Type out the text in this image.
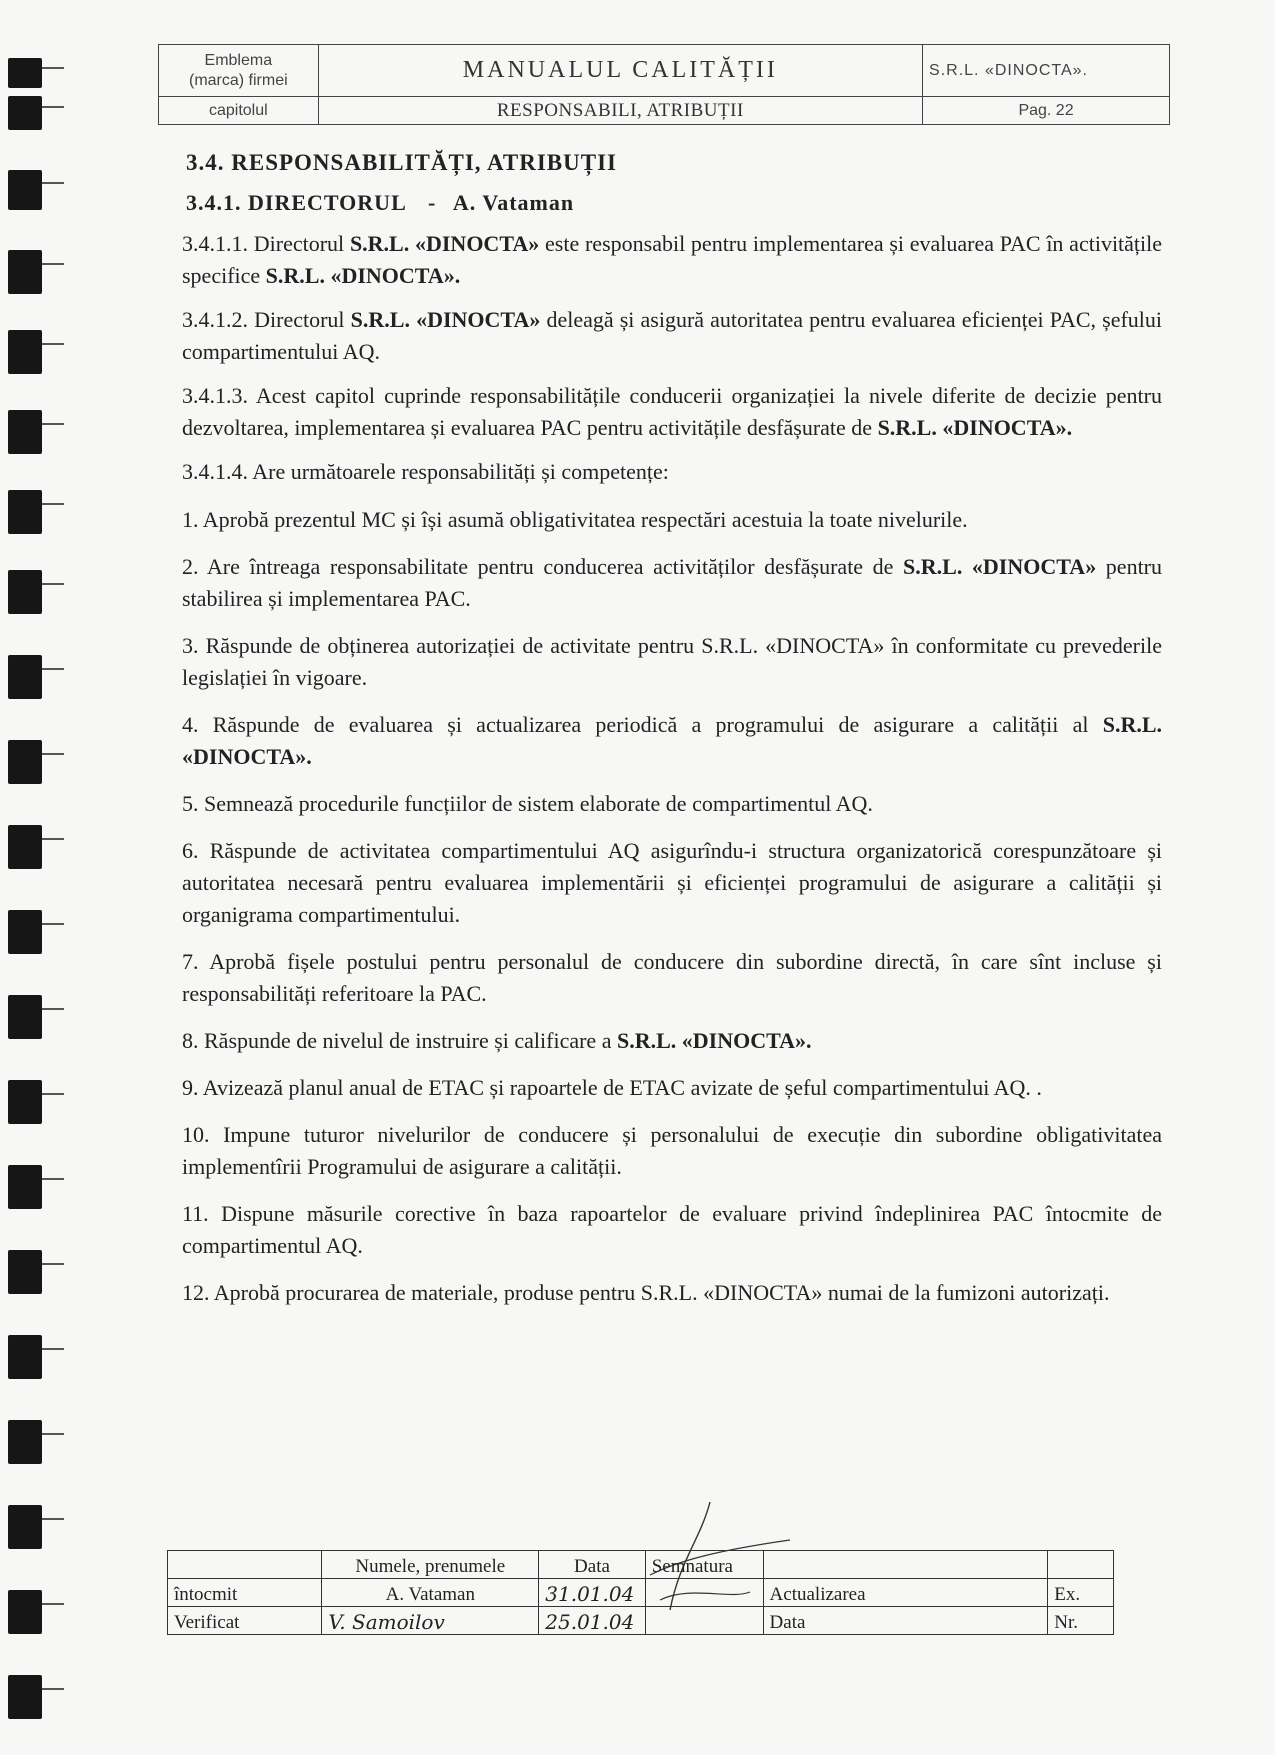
Emblema
(marca) firmei	MANUALUL CALITĂȚII	S.R.L. «DINOCTA».
capitolul	RESPONSABILI, ATRIBUȚII	Pag. 22
3.4. RESPONSABILITĂȚI, ATRIBUȚII
3.4.1. DIRECTORUL - A. Vataman
3.4.1.1. Directorul S.R.L. «DINOCTA» este responsabil pentru implementarea și evaluarea PAC în activitățile specifice S.R.L. «DINOCTA».
3.4.1.2. Directorul S.R.L. «DINOCTA» deleagă și asigură autoritatea pentru evaluarea eficienței PAC, șefului compartimentului AQ.
3.4.1.3. Acest capitol cuprinde responsabilitățile conducerii organizației la nivele diferite de decizie pentru dezvoltarea, implementarea și evaluarea PAC pentru activitățile desfășurate de S.R.L. «DINOCTA».
3.4.1.4. Are următoarele responsabilități și competențe:
1. Aprobă prezentul MC și își asumă obligativitatea respectări acestuia la toate nivelurile.
2. Are întreaga responsabilitate pentru conducerea activităților desfășurate de S.R.L. «DINOCTA» pentru stabilirea și implementarea PAC.
3. Răspunde de obținerea autorizației de activitate pentru S.R.L. «DINOCTA» în conformitate cu prevederile legislației în vigoare.
4. Răspunde de evaluarea și actualizarea periodică a programului de asigurare a calității al S.R.L. «DINOCTA».
5. Semnează procedurile funcțiilor de sistem elaborate de compartimentul AQ.
6. Răspunde de activitatea compartimentului AQ asigurîndu-i structura organizatorică corespunzătoare și autoritatea necesară pentru evaluarea implementării și eficienței programului de asigurare a calității și organigrama compartimentului.
7. Aprobă fișele postului pentru personalul de conducere din subordine directă, în care sînt incluse și responsabilități referitoare la PAC.
8. Răspunde de nivelul de instruire și calificare a S.R.L. «DINOCTA».
9. Avizează planul anual de ETAC și rapoartele de ETAC avizate de șeful compartimentului AQ. .
10. Impune tuturor nivelurilor de conducere și personalului de execuție din subordine obligativitatea implementîrii Programului de asigurare a calității.
11. Dispune măsurile corective în baza rapoartelor de evaluare privind îndeplinirea PAC întocmite de compartimentul AQ.
12. Aprobă procurarea de materiale, produse pentru S.R.L. «DINOCTA» numai de la fumizoni autorizați.
	Numele, prenumele	Data	Semnatura		
întocmit	A. Vataman	31.01.04		Actualizarea	Ex.
Verificat	V. Samoilov	25.01.04		Data	Nr.
